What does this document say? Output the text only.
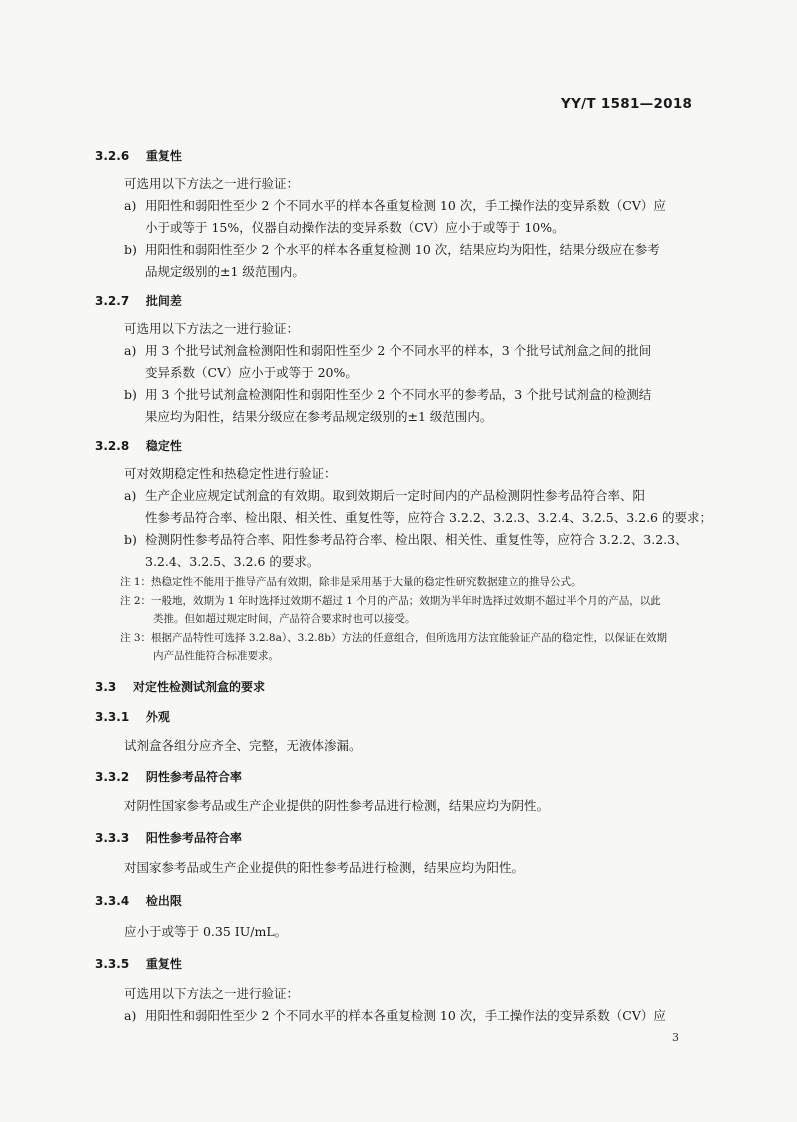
YY/T 1581—2018
3.2.6 重复性
可选用以下方法之一进行验证：
a) 用阳性和弱阳性至少 2 个不同水平的样本各重复检测 10 次，手工操作法的变异系数（CV）应
小于或等于 15%，仪器自动操作法的变异系数（CV）应小于或等于 10%。
b) 用阳性和弱阳性至少 2 个水平的样本各重复检测 10 次，结果应均为阳性，结果分级应在参考
品规定级别的±1 级范围内。
3.2.7 批间差
可选用以下方法之一进行验证：
a) 用 3 个批号试剂盒检测阳性和弱阳性至少 2 个不同水平的样本，3 个批号试剂盒之间的批间
变异系数（CV）应小于或等于 20%。
b) 用 3 个批号试剂盒检测阳性和弱阳性至少 2 个不同水平的参考品，3 个批号试剂盒的检测结
果应均为阳性，结果分级应在参考品规定级别的±1 级范围内。
3.2.8 稳定性
可对效期稳定性和热稳定性进行验证：
a) 生产企业应规定试剂盒的有效期。取到效期后一定时间内的产品检测阴性参考品符合率、阳
性参考品符合率、检出限、相关性、重复性等，应符合 3.2.2、3.2.3、3.2.4、3.2.5、3.2.6 的要求；
b) 检测阴性参考品符合率、阳性参考品符合率、检出限、相关性、重复性等，应符合 3.2.2、3.2.3、
3.2.4、3.2.5、3.2.6 的要求。
注 1：热稳定性不能用于推导产品有效期，除非是采用基于大量的稳定性研究数据建立的推导公式。
注 2：一般地，效期为 1 年时选择过效期不超过 1 个月的产品；效期为半年时选择过效期不超过半个月的产品，以此
类推。但如超过规定时间，产品符合要求时也可以接受。
注 3：根据产品特性可选择 3.2.8a）、3.2.8b）方法的任意组合，但所选用方法宜能验证产品的稳定性，以保证在效期
内产品性能符合标准要求。
3.3 对定性检测试剂盒的要求
3.3.1 外观
试剂盒各组分应齐全、完整，无液体渗漏。
3.3.2 阴性参考品符合率
对阴性国家参考品或生产企业提供的阴性参考品进行检测，结果应均为阴性。
3.3.3 阳性参考品符合率
对国家参考品或生产企业提供的阳性参考品进行检测，结果应均为阳性。
3.3.4 检出限
应小于或等于 0.35 IU/mL。
3.3.5 重复性
可选用以下方法之一进行验证：
a) 用阳性和弱阳性至少 2 个不同水平的样本各重复检测 10 次，手工操作法的变异系数（CV）应
3
